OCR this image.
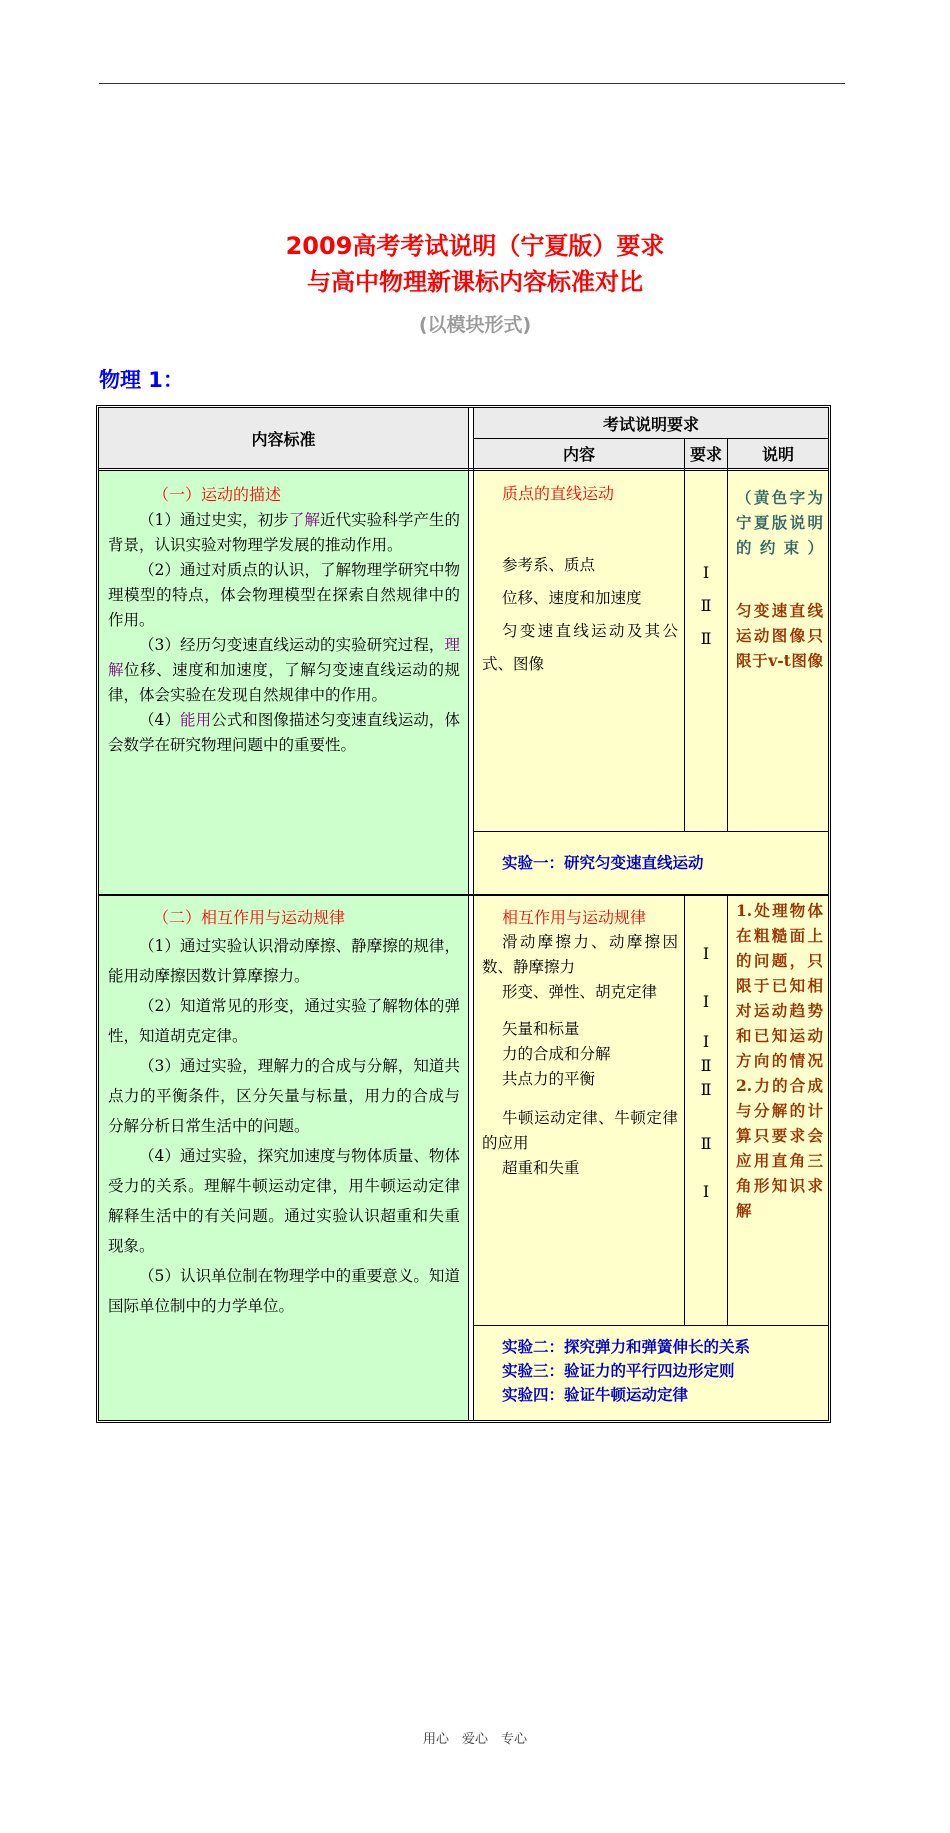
2009高考考试说明（宁夏版）要求
与高中物理新课标内容标准对比
(以模块形式)
物理 1：
内容标准
考试说明要求
内容	要求 说明
（一）运动的描述

（1）通过史实，初步了解近代实验科学产生的背景，认识实验对物理学发展的推动作用。

（2）通过对质点的认识，了解物理学研究中物理模型的特点，体会物理模型在探索自然规律中的作用。

（3）经历匀变速直线运动的实验研究过程，理解位移、速度和加速度，了解匀变速直线运动的规律，体会实验在发现自然规律中的作用。

（4）能用公式和图像描述匀变速直线运动，体会数学在研究物理问题中的重要性。

质点的直线运动
参考系、质点
位移、速度和加速度
匀变速直线运动及其公式、图像
Ⅰ
Ⅱ
Ⅱ

（黄色字为宁夏版说明的约束）

匀变速直线运动图像只限于v-t图像

实验一：研究匀变速直线运动
（二）相互作用与运动规律

（1）通过实验认识滑动摩擦、静摩擦的规律，能用动摩擦因数计算摩擦力。

（2）知道常见的形变，通过实验了解物体的弹性，知道胡克定律。

（3）通过实验，理解力的合成与分解，知道共点力的平衡条件，区分矢量与标量，用力的合成与分解分析日常生活中的问题。

（4）通过实验，探究加速度与物体质量、物体受力的关系。理解牛顿运动定律，用牛顿运动定律解释生活中的有关问题。通过实验认识超重和失重现象。

（5）认识单位制在物理学中的重要意义。知道国际单位制中的力学单位。

相互作用与运动规律
滑动摩擦力、动摩擦因数、静摩擦力
形变、弹性、胡克定律
矢量和标量
力的合成和分解
共点力的平衡
牛顿运动定律、牛顿定律的应用
超重和失重
Ⅰ
Ⅰ
Ⅰ
Ⅱ
Ⅱ
Ⅱ
Ⅰ

1.处理物体在粗糙面上的问题，只限于已知相对运动趋势和已知运动方向的情况

2.力的合成与分解的计算只要求会应用直角三角形知识求解

实验二：探究弹力和弹簧伸长的关系
实验三：验证力的平行四边形定则
实验四：验证牛顿运动定律
用心　爱心　专心
